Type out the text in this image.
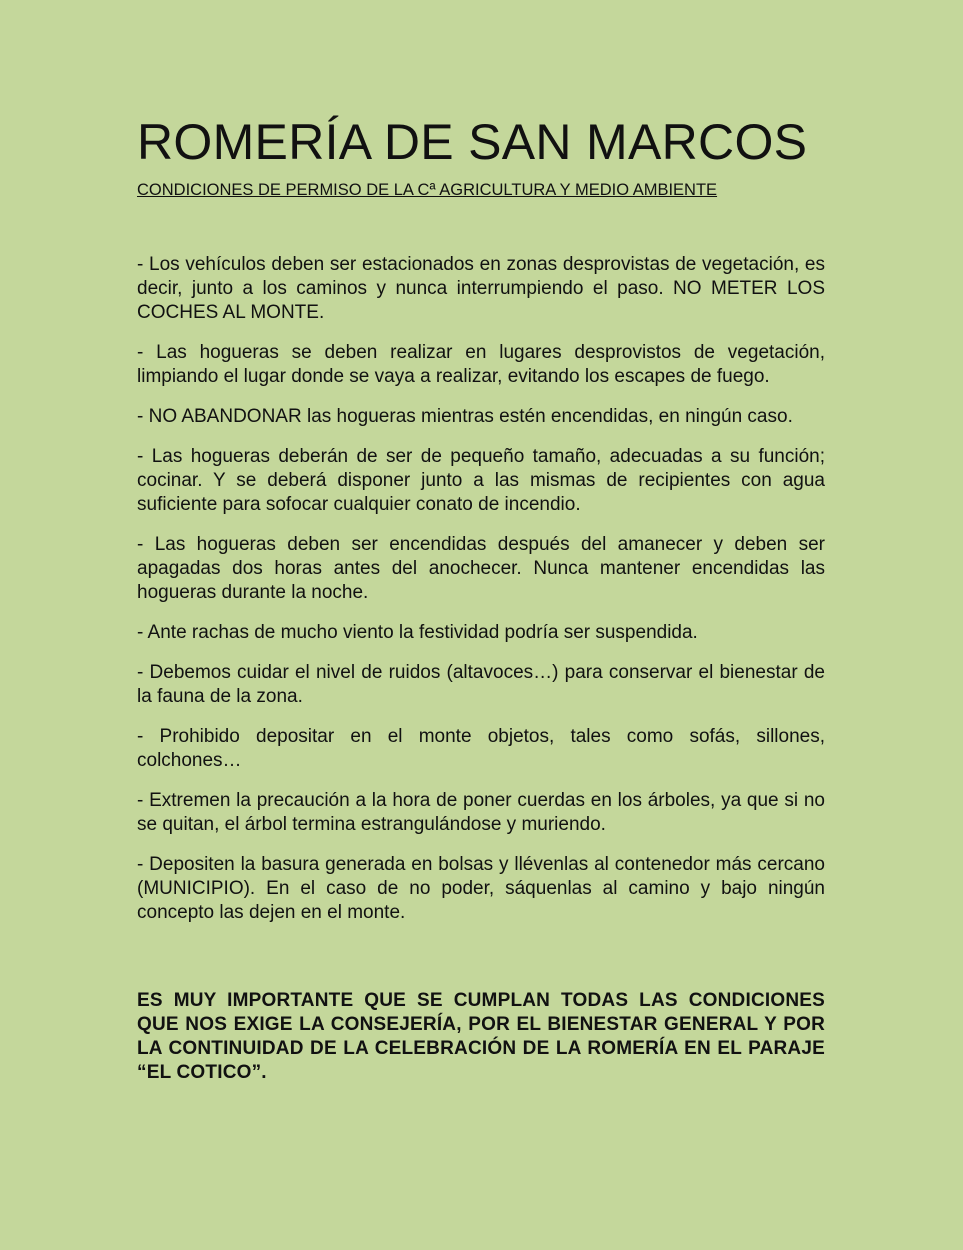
ROMERÍA DE SAN MARCOS

CONDICIONES DE PERMISO DE LA Cª AGRICULTURA Y MEDIO AMBIENTE

- Los vehículos deben ser estacionados en zonas desprovistas de vegetación, es decir, junto a los caminos y nunca interrumpiendo el paso. NO METER LOS COCHES AL MONTE.

- Las hogueras se deben realizar en lugares desprovistos de vegetación, limpiando el lugar donde se vaya a realizar, evitando los escapes de fuego.

- NO ABANDONAR las hogueras mientras estén encendidas, en ningún caso.

- Las hogueras deberán de ser de pequeño tamaño, adecuadas a su función; cocinar. Y se deberá disponer junto a las mismas de recipientes con agua suficiente para sofocar cualquier conato de incendio.

- Las hogueras deben ser encendidas después del amanecer y deben ser apagadas dos horas antes del anochecer. Nunca mantener encendidas las hogueras durante la noche.

- Ante rachas de mucho viento la festividad podría ser suspendida.

- Debemos cuidar el nivel de ruidos (altavoces…) para conservar el bienestar de la fauna de la zona.

- Prohibido depositar en el monte objetos, tales como sofás, sillones, colchones…

- Extremen la precaución a la hora de poner cuerdas en los árboles, ya que si no se quitan, el árbol termina estrangulándose y muriendo.

- Depositen la basura generada en bolsas y llévenlas al contenedor más cercano (MUNICIPIO). En el caso de no poder, sáquenlas al camino y bajo ningún concepto las dejen en el monte.

ES MUY IMPORTANTE QUE SE CUMPLAN TODAS LAS CONDICIONES QUE NOS EXIGE LA CONSEJERÍA, POR EL BIENESTAR GENERAL Y POR LA CONTINUIDAD DE LA CELEBRACIÓN DE LA ROMERÍA EN EL PARAJE “EL COTICO”.
